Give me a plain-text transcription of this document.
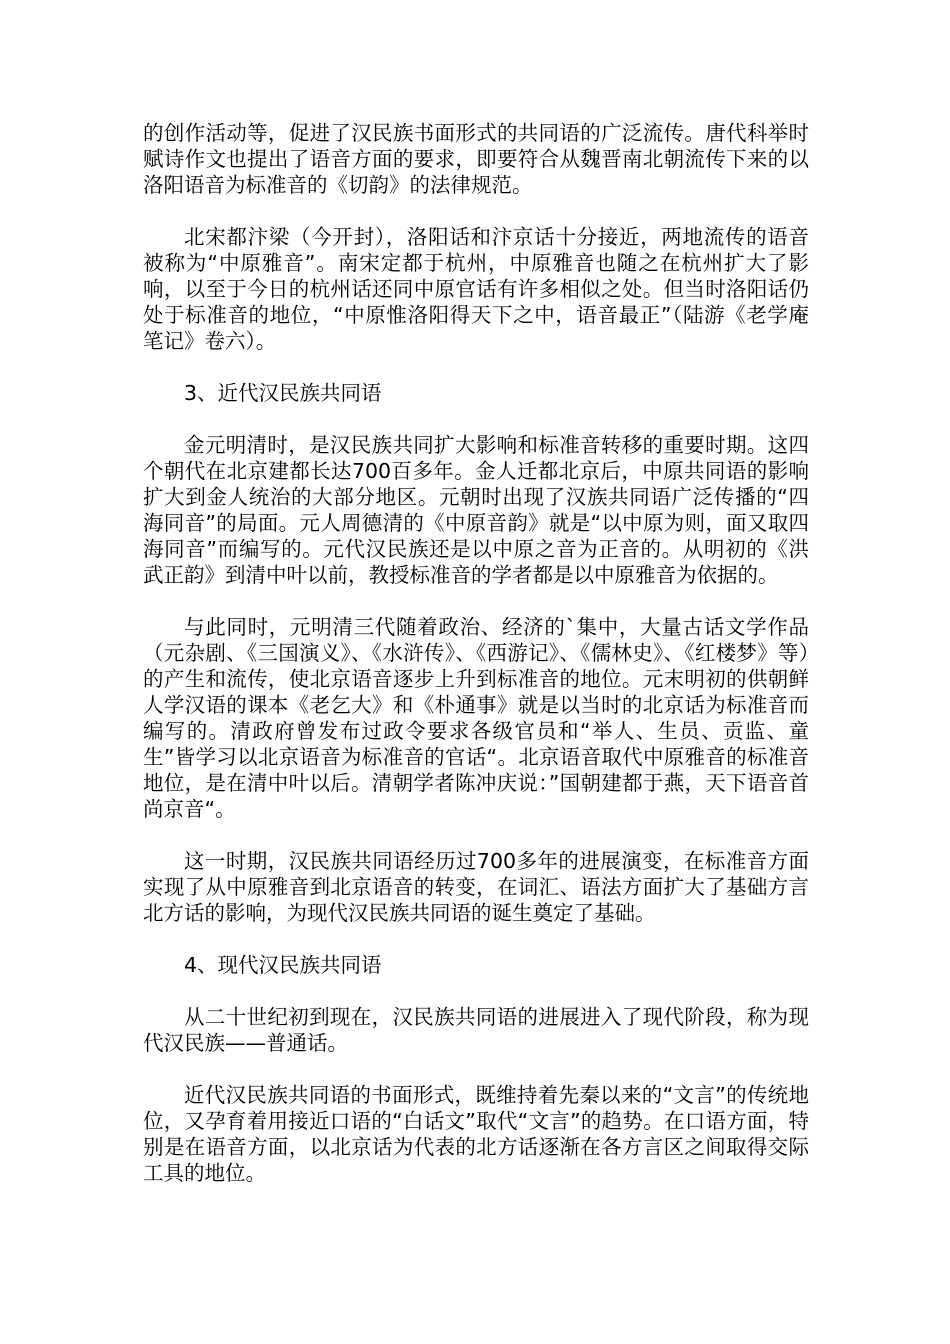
的创作活动等，促进了汉民族书面形式的共同语的广泛流传。唐代科举时赋诗作文也提出了语音方面的要求，即要符合从魏晋南北朝流传下来的以洛阳语音为标准音的《切韵》的法律规范。

北宋都汴梁（今开封），洛阳话和汴京话十分接近，两地流传的语音被称为“中原雅音”。南宋定都于杭州，中原雅音也随之在杭州扩大了影响，以至于今日的杭州话还同中原官话有许多相似之处。但当时洛阳话仍处于标准音的地位，“中原惟洛阳得天下之中，语音最正”（陆游《老学庵笔记》卷六）。

3、近代汉民族共同语

金元明清时，是汉民族共同扩大影响和标准音转移的重要时期。这四个朝代在北京建都长达700百多年。金人迁都北京后，中原共同语的影响扩大到金人统治的大部分地区。元朝时出现了汉族共同语广泛传播的“四海同音”的局面。元人周德清的《中原音韵》就是“以中原为则，面又取四海同音”而编写的。元代汉民族还是以中原之音为正音的。从明初的《洪武正韵》到清中叶以前，教授标准音的学者都是以中原雅音为依据的。

与此同时，元明清三代随着政治、经济的`集中，大量古话文学作品（元杂剧、《三国演义》、《水浒传》、《西游记》、《儒林史》、《红楼梦》等）的产生和流传，使北京语音逐步上升到标准音的地位。元末明初的供朝鲜人学汉语的课本《老乞大》和《朴通事》就是以当时的北京话为标准音而编写的。清政府曾发布过政令要求各级官员和“举人、生员、贡监、童生”皆学习以北京语音为标准音的官话“。北京语音取代中原雅音的标准音地位，是在清中叶以后。清朝学者陈冲庆说：”国朝建都于燕，天下语音首尚京音“。

这一时期，汉民族共同语经历过700多年的进展演变，在标准音方面实现了从中原雅音到北京语音的转变，在词汇、语法方面扩大了基础方言北方话的影响，为现代汉民族共同语的诞生奠定了基础。

4、现代汉民族共同语

从二十世纪初到现在，汉民族共同语的进展进入了现代阶段，称为现代汉民族——普通话。

近代汉民族共同语的书面形式，既维持着先秦以来的“文言”的传统地位，又孕育着用接近口语的“白话文”取代“文言”的趋势。在口语方面，特别是在语音方面，以北京话为代表的北方话逐渐在各方言区之间取得交际工具的地位。
